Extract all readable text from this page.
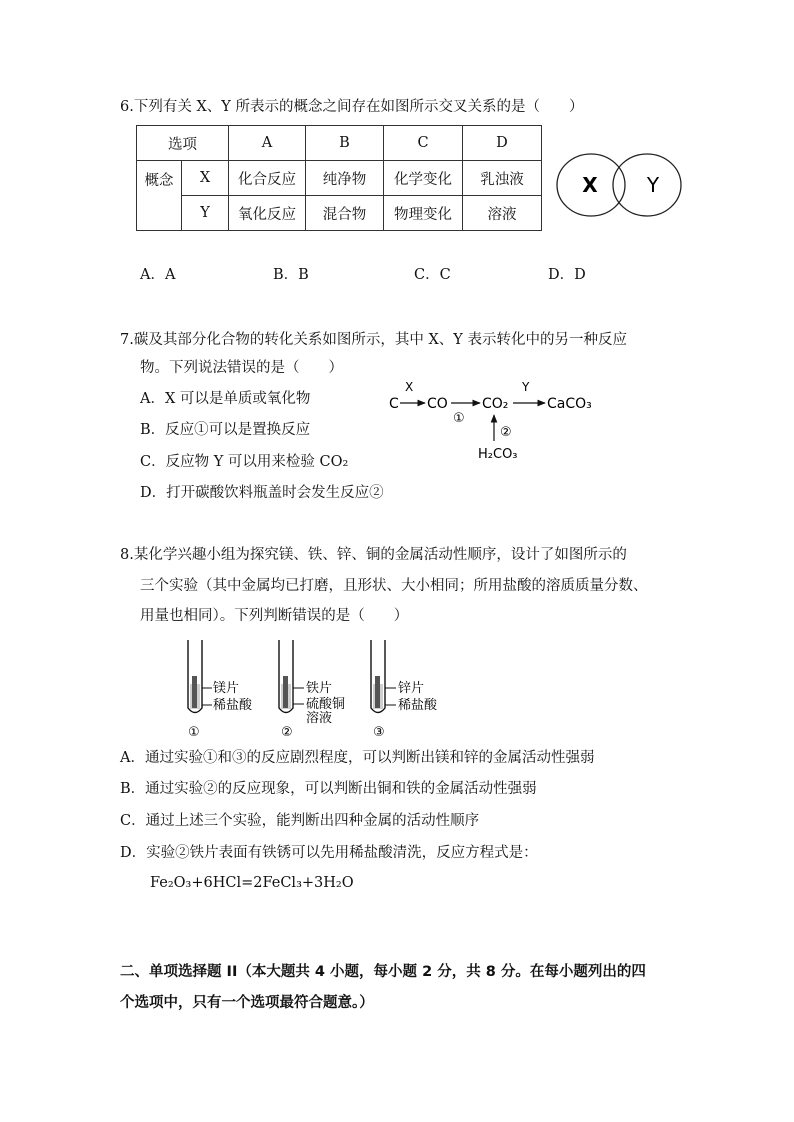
6.下列有关 X、Y 所表示的概念之间存在如图所示交叉关系的是（　　）
选项		A	B	C	D
概念	X	化合反应	纯净物	化学变化	乳浊液
	Y	氧化反应	混合物	物理变化	溶液
X Y
A．A	B．B	C．C	D．D
7.碳及其部分化合物的转化关系如图所示，其中 X、Y 表示转化中的另一种反应
物。下列说法错误的是（　　）
A．X 可以是单质或氧化物
B．反应①可以是置换反应
C．反应物 Y 可以用来检验 CO₂
D．打开碳酸饮料瓶盖时会发生反应②
C
X
CO
①
CO₂
Y
CaCO₃
②
H₂CO₃
8.某化学兴趣小组为探究镁、铁、锌、铜的金属活动性顺序，设计了如图所示的
三个实验（其中金属均已打磨，且形状、大小相同；所用盐酸的溶质质量分数、
用量也相同）。下列判断错误的是（　　）
镁片
稀盐酸
①
铁片
硫酸铜
溶液
②
锌片
稀盐酸
③
A．通过实验①和③的反应剧烈程度，可以判断出镁和锌的金属活动性强弱
B．通过实验②的反应现象，可以判断出铜和铁的金属活动性强弱
C．通过上述三个实验，能判断出四种金属的活动性顺序
D．实验②铁片表面有铁锈可以先用稀盐酸清洗，反应方程式是：
Fe₂O₃+6HCl=2FeCl₃+3H₂O
二、单项选择题 II（本大题共 4 小题，每小题 2 分，共 8 分。在每小题列出的四
个选项中，只有一个选项最符合题意。）
